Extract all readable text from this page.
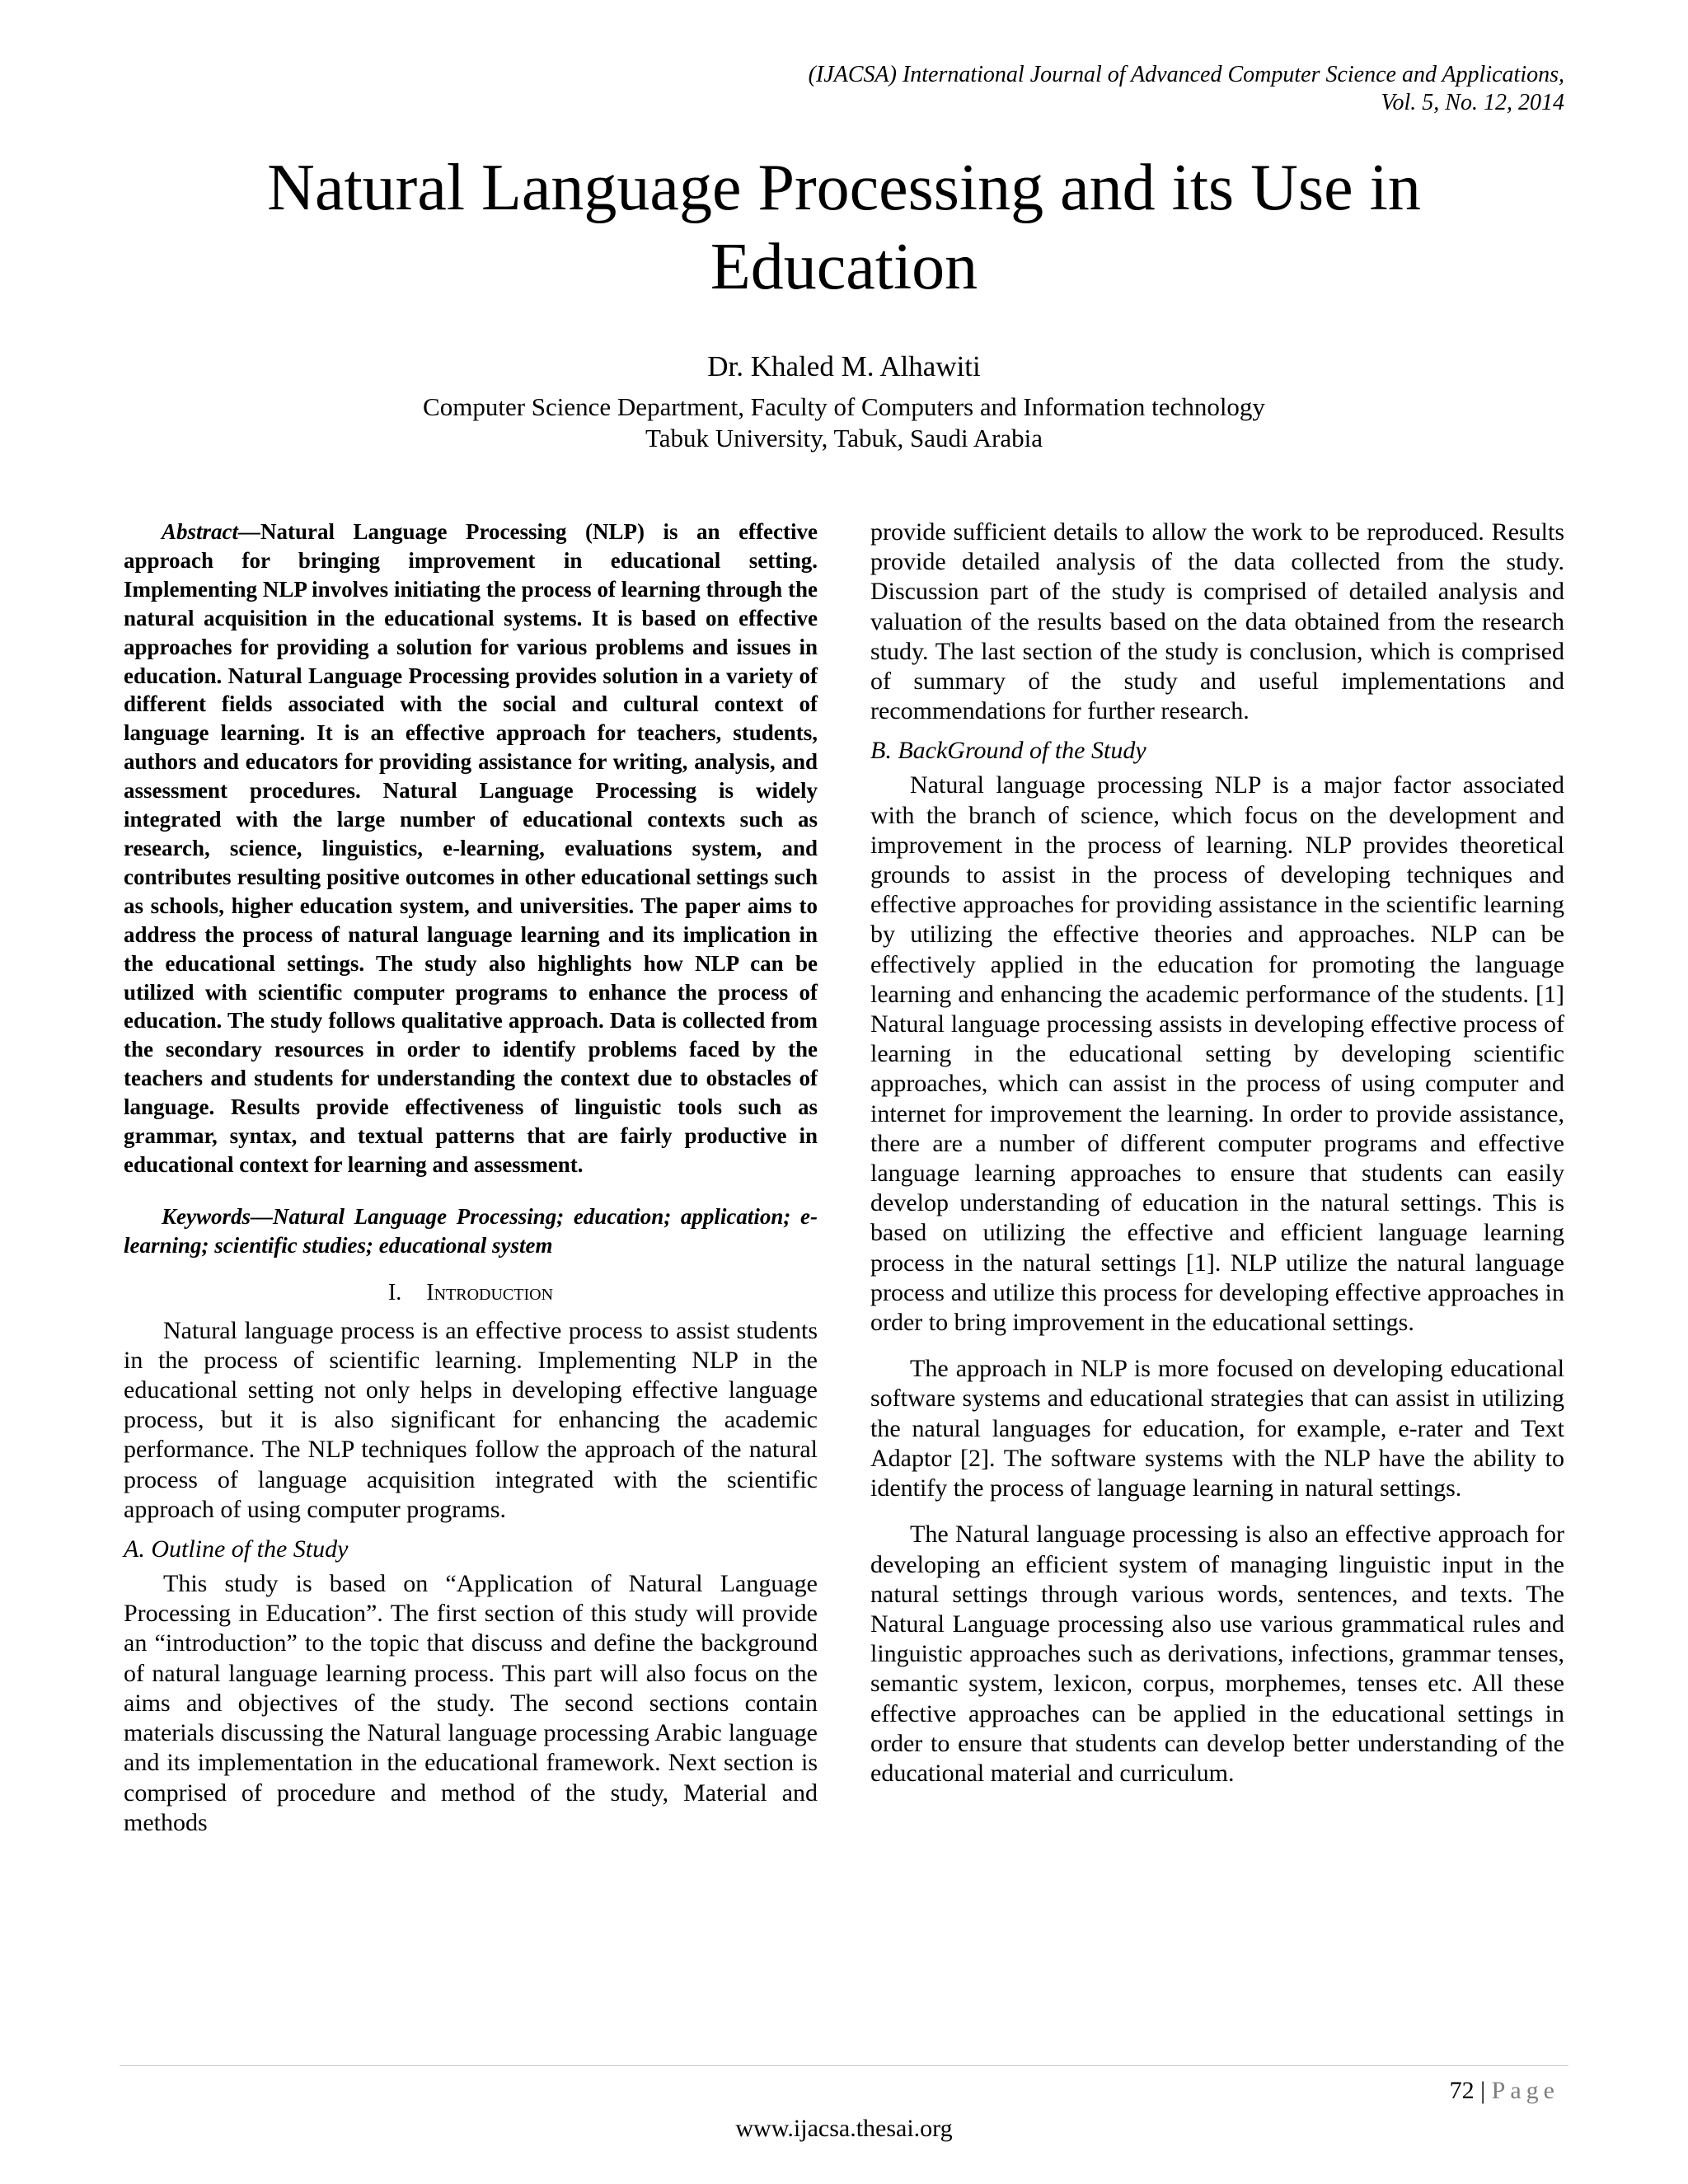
(IJACSA) International Journal of Advanced Computer Science and Applications,
Vol. 5, No. 12, 2014
Natural Language Processing and its Use in
Education
Dr. Khaled M. Alhawiti
Computer Science Department, Faculty of Computers and Information technology
Tabuk University, Tabuk, Saudi Arabia

Abstract—Natural Language Processing (NLP) is an effective approach for bringing improvement in educational setting. Implementing NLP involves initiating the process of learning through the natural acquisition in the educational systems. It is based on effective approaches for providing a solution for various problems and issues in education. Natural Language Processing provides solution in a variety of different fields associated with the social and cultural context of language learning. It is an effective approach for teachers, students, authors and educators for providing assistance for writing, analysis, and assessment procedures. Natural Language Processing is widely integrated with the large number of educational contexts such as research, science, linguistics, e-learning, evaluations system, and contributes resulting positive outcomes in other educational settings such as schools, higher education system, and universities. The paper aims to address the process of natural language learning and its implication in the educational settings. The study also highlights how NLP can be utilized with scientific computer programs to enhance the process of education. The study follows qualitative approach. Data is collected from the secondary resources in order to identify problems faced by the teachers and students for understanding the context due to obstacles of language. Results provide effectiveness of linguistic tools such as grammar, syntax, and textual patterns that are fairly productive in educational context for learning and assessment.

Keywords—Natural Language Processing; education; application; e-learning; scientific studies; educational system

I. Introduction

Natural language process is an effective process to assist students in the process of scientific learning. Implementing NLP in the educational setting not only helps in developing effective language process, but it is also significant for enhancing the academic performance. The NLP techniques follow the approach of the natural process of language acquisition integrated with the scientific approach of using computer programs.

A. Outline of the Study

This study is based on “Application of Natural Language Processing in Education”. The first section of this study will provide an “introduction” to the topic that discuss and define the background of natural language learning process. This part will also focus on the aims and objectives of the study. The second sections contain materials discussing the Natural language processing Arabic language and its implementation in the educational framework. Next section is comprised of procedure and method of the study, Material and methods

provide sufficient details to allow the work to be reproduced. Results provide detailed analysis of the data collected from the study. Discussion part of the study is comprised of detailed analysis and valuation of the results based on the data obtained from the research study. The last section of the study is conclusion, which is comprised of summary of the study and useful implementations and recommendations for further research.

B. BackGround of the Study

Natural language processing NLP is a major factor associated with the branch of science, which focus on the development and improvement in the process of learning. NLP provides theoretical grounds to assist in the process of developing techniques and effective approaches for providing assistance in the scientific learning by utilizing the effective theories and approaches. NLP can be effectively applied in the education for promoting the language learning and enhancing the academic performance of the students. [1] Natural language processing assists in developing effective process of learning in the educational setting by developing scientific approaches, which can assist in the process of using computer and internet for improvement the learning. In order to provide assistance, there are a number of different computer programs and effective language learning approaches to ensure that students can easily develop understanding of education in the natural settings. This is based on utilizing the effective and efficient language learning process in the natural settings [1]. NLP utilize the natural language process and utilize this process for developing effective approaches in order to bring improvement in the educational settings.

The approach in NLP is more focused on developing educational software systems and educational strategies that can assist in utilizing the natural languages for education, for example, e-rater and Text Adaptor [2]. The software systems with the NLP have the ability to identify the process of language learning in natural settings.

The Natural language processing is also an effective approach for developing an efficient system of managing linguistic input in the natural settings through various words, sentences, and texts. The Natural Language processing also use various grammatical rules and linguistic approaches such as derivations, infections, grammar tenses, semantic system, lexicon, corpus, morphemes, tenses etc. All these effective approaches can be applied in the educational settings in order to ensure that students can develop better understanding of the educational material and curriculum.

72 | Page
www.ijacsa.thesai.org
